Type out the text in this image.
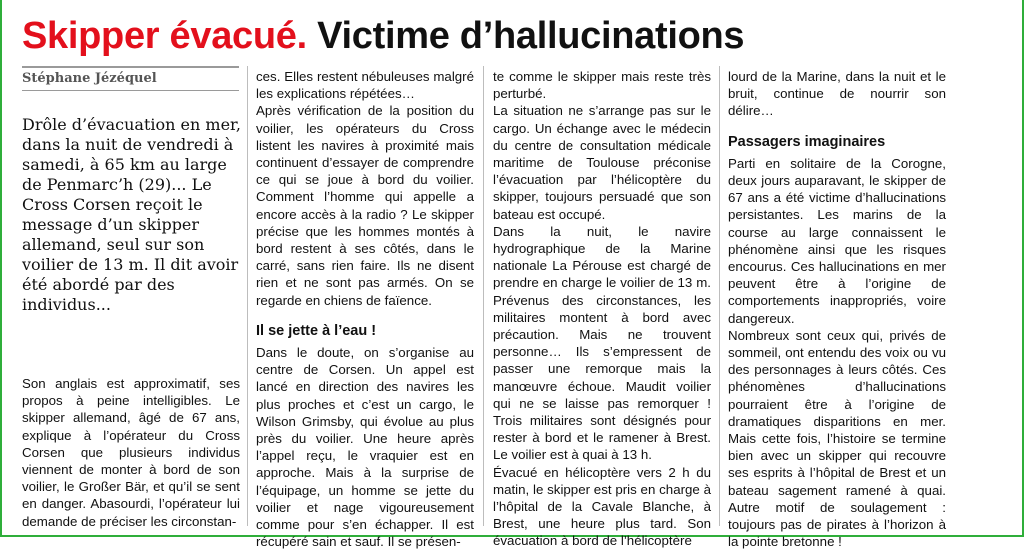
Skipper évacué. Victime d’hallucinations
Stéphane Jézéquel

Drôle d’évacuation en mer, dans la nuit de vendredi à samedi, à 65 km au large de Penmarc’h (29)... Le Cross Corsen reçoit le message d’un skipper allemand, seul sur son voilier de 13 m. Il dit avoir été abordé par des individus...

Son anglais est approximatif, ses propos à peine intelligibles. Le skipper allemand, âgé de 67 ans, explique à l’opérateur du Cross Corsen que plusieurs individus viennent de monter à bord de son voilier, le Großer Bär, et qu’il se sent en danger. Abasourdi, l’opérateur lui demande de préciser les circonstan-

ces. Elles restent nébuleuses malgré les explications répétées…

Après vérification de la position du voilier, les opérateurs du Cross listent les navires à proximité mais continuent d’essayer de comprendre ce qui se joue à bord du voilier. Comment l’homme qui appelle a encore accès à la radio ? Le skipper précise que les hommes montés à bord restent à ses côtés, dans le carré, sans rien faire. Ils ne disent rien et ne sont pas armés. On se regarde en chiens de faïence.

Il se jette à l’eau !

Dans le doute, on s’organise au centre de Corsen. Un appel est lancé en direction des navires les plus proches et c’est un cargo, le Wilson Grimsby, qui évolue au plus près du voilier. Une heure après l’appel reçu, le vraquier est en approche. Mais à la surprise de l’équipage, un homme se jette du voilier et nage vigoureusement comme pour s’en échapper. Il est récupéré sain et sauf. Il se présen-

te comme le skipper mais reste très perturbé.

La situation ne s’arrange pas sur le cargo. Un échange avec le médecin du centre de consultation médicale maritime de Toulouse préconise l’évacuation par l’hélicoptère du skipper, toujours persuadé que son bateau est occupé.

Dans la nuit, le navire hydrographique de la Marine nationale La Pérouse est chargé de prendre en charge le voilier de 13 m. Prévenus des circonstances, les militaires montent à bord avec précaution. Mais ne trouvent personne… Ils s’empressent de passer une remorque mais la manœuvre échoue. Maudit voilier qui ne se laisse pas remorquer ! Trois militaires sont désignés pour rester à bord et le ramener à Brest. Le voilier est à quai à 13 h.

Évacué en hélicoptère vers 2 h du matin, le skipper est pris en charge à l’hôpital de la Cavale Blanche, à Brest, une heure plus tard. Son évacuation à bord de l’hélicoptère

lourd de la Marine, dans la nuit et le bruit, continue de nourrir son délire…

Passagers imaginaires

Parti en solitaire de la Corogne, deux jours auparavant, le skipper de 67 ans a été victime d’hallucinations persistantes. Les marins de la course au large connaissent le phénomène ainsi que les risques encourus. Ces hallucinations en mer peuvent être à l’origine de comportements inappropriés, voire dangereux.

Nombreux sont ceux qui, privés de sommeil, ont entendu des voix ou vu des personnages à leurs côtés. Ces phénomènes d’hallucinations pourraient être à l’origine de dramatiques disparitions en mer. Mais cette fois, l’histoire se termine bien avec un skipper qui recouvre ses esprits à l’hôpital de Brest et un bateau sagement ramené à quai. Autre motif de soulagement : toujours pas de pirates à l’horizon à la pointe bretonne !
